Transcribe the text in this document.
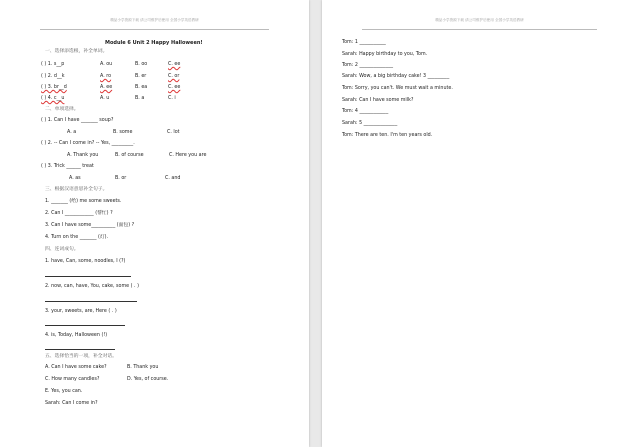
精品小学资源下载 请公司维护后使用 全国小学英语教研
Module 6 Unit 2 Happy Halloween!
一、选择添选根，补全单词。
( ) 1. s__p	A. ou	B. oo	C. ee
( ) 2. d__k	A. ro	B. er	C. or
( ) 3. br__d	A. ee	B. ea	C. ee
( ) 4. c__u	A. u	B. a	C. i
二、单项选择。
( ) 1. Can I have _______ soup?
A. a	B. some	C. lot
( ) 2. -- Can I come in? -- Yes, _________.
A. Thank you	B. of course	C. Here you are
( ) 3. Trick ______ treat
A. as	B. or	C. and
三、根据汉语意思补全句子。
1. _______ (给) me some sweets.
2. Can I ____________ (帮忙) ?
3. Can I have some__________ (面包) ?
4. Turn on the _______ (灯).
四、连词成句。
1. have, Can, some, noodles, I (?)
2. now, can, have, You, cake, some ( . )
3. your, sweets, are, Here ( . )
4. is, Today, Halloween (!)
五、选择恰当的一项，补全对话。
A. Can I have some cake?	B. Thank you
C. How many candles?	D. Yes, of course.
E. Yes, you can.
Sarah: Can I come in?
精品小学资源下载 请公司维护后使用 全国小学英语教研
Tom: 1 ___________
Sarah: Happy birthday to you, Tom.
Tom: 2 ______________
Sarah: Wow, a big birthday cake! 3 _________
Tom: Sorry, you can't. We must wait a minute.
Sarah: Can I have some milk?
Tom: 4 ____________
Sarah: 5 ______________
Tom: There are ten. I'm ten years old.
